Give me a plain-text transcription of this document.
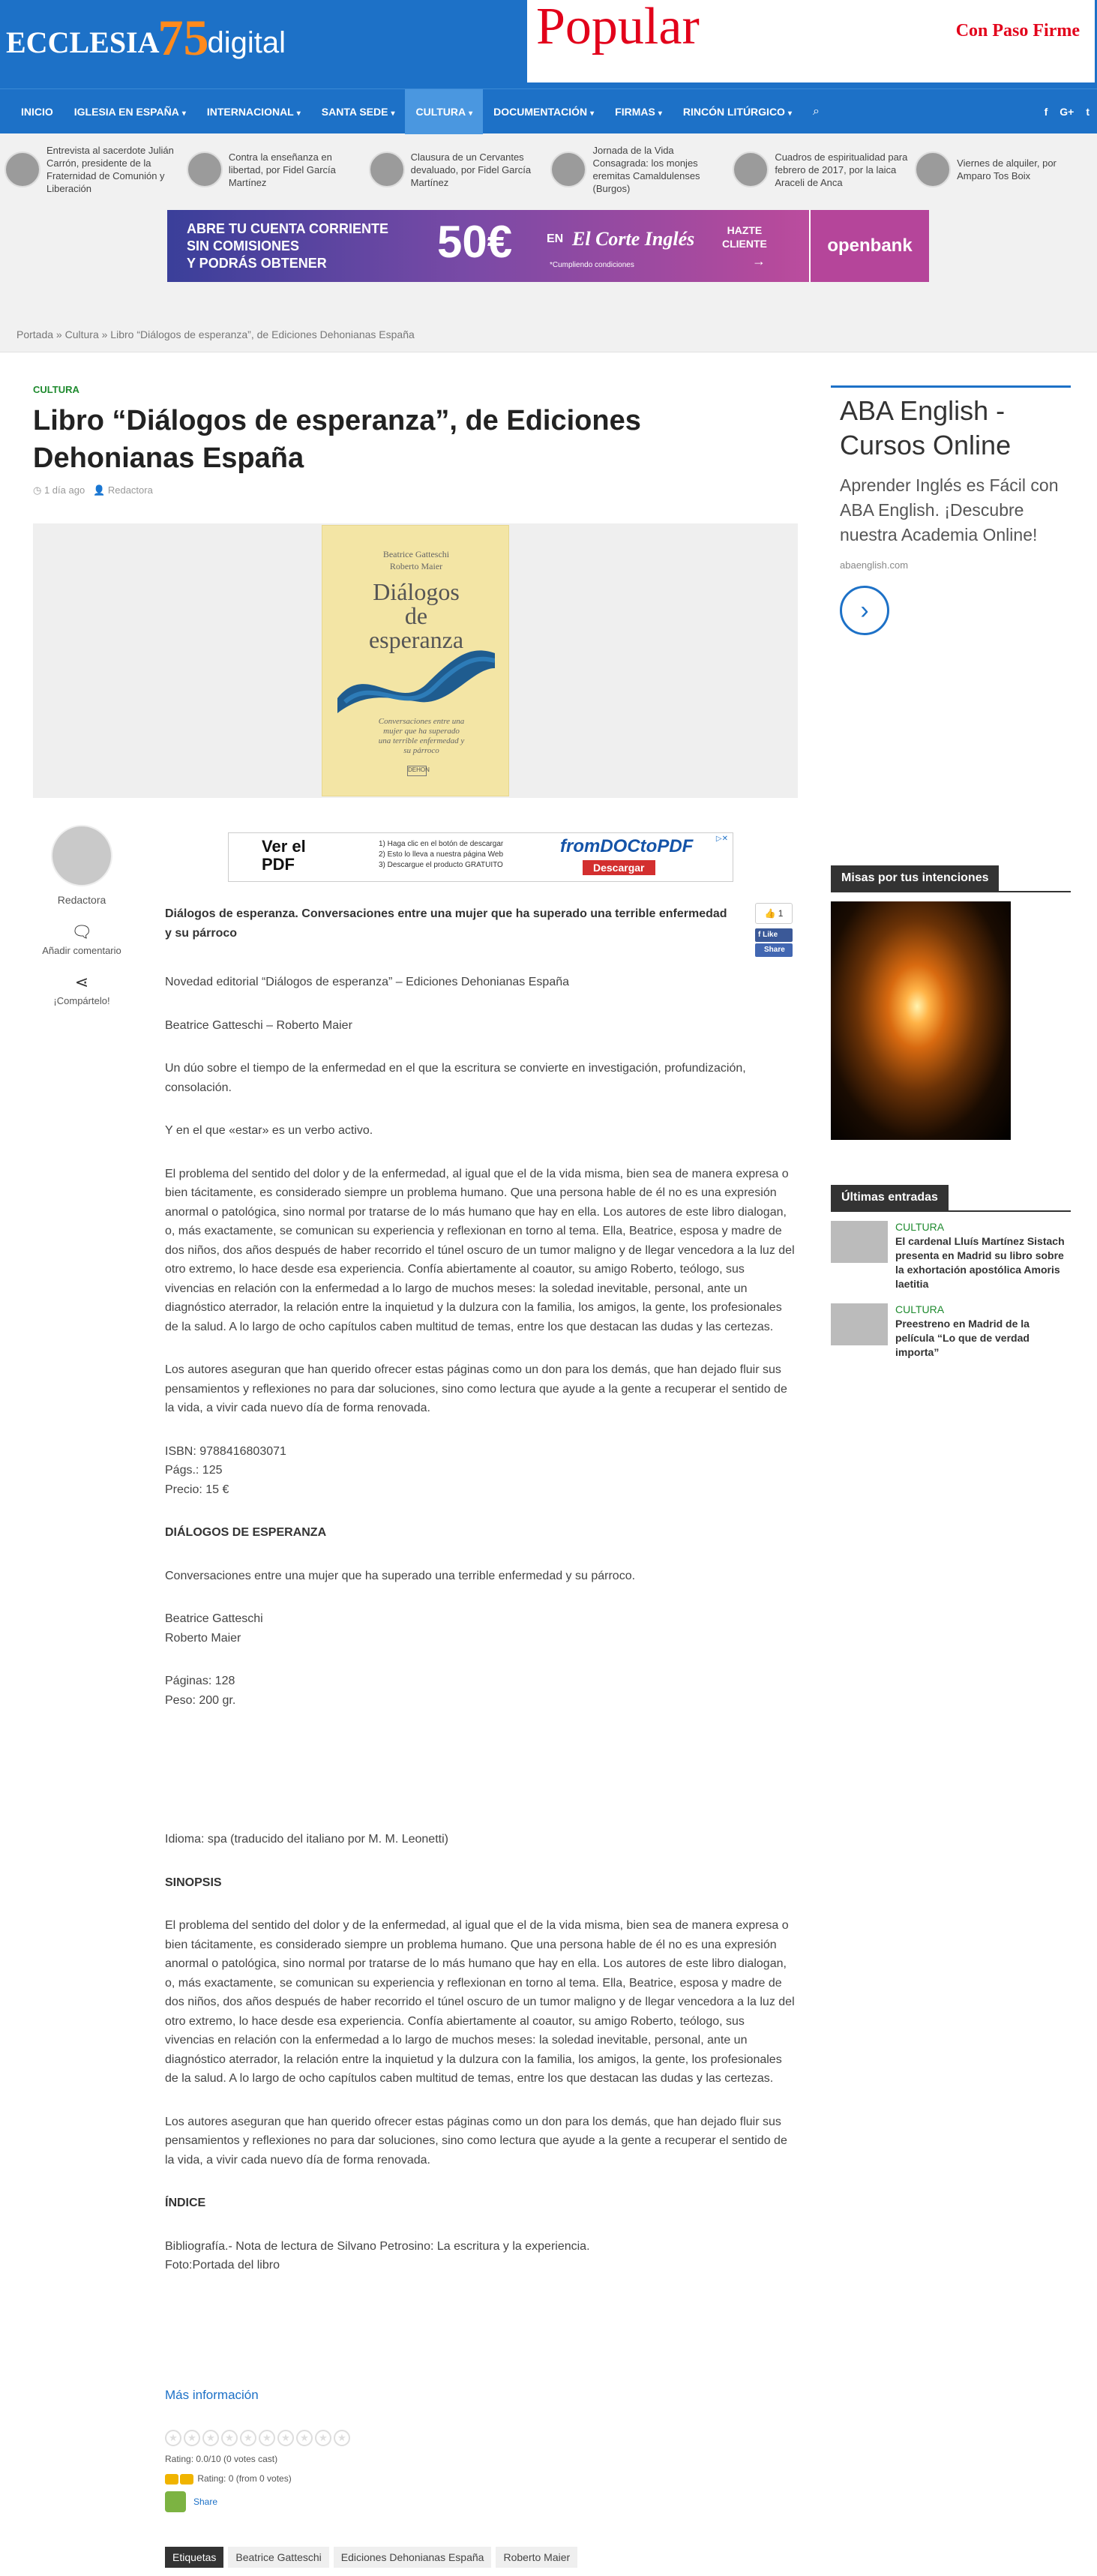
ECCLESIA
75
digital	Popular	Con Paso Firme
INICIO	IGLESIA EN ESPAÑA ▾	INTERNACIONAL ▾	SANTA SEDE ▾	CULTURA ▾	DOCUMENTACIÓN ▾	FIRMAS ▾	RINCÓN LITÚRGICO ▾	⌕	f G+ t
Entrevista al sacerdote Julián Carrón, presidente de la Fraternidad de Comunión y Liberación
Contra la enseñanza en libertad, por Fidel García Martínez
Clausura de un Cervantes devaluado, por Fidel García Martínez
Jornada de la Vida Consagrada: los monjes eremitas Camaldulenses (Burgos)
Cuadros de espiritualidad para febrero de 2017, por la laica Araceli de Anca
Viernes de alquiler, por Amparo Tos Boix
ABRE TU CUENTA CORRIENTE
SIN COMISIONES
Y PODRÁS OBTENER	50€	EN El Corte Inglés
*Cumpliendo condiciones
HAZTE
CLIENTE
→
openbank
Portada » Cultura » Libro “Diálogos de esperanza”, de Ediciones Dehonianas España
CULTURA
Libro “Diálogos de esperanza”, de Ediciones Dehonianas España
◷ 1 día ago 👤 Redactora
Beatrice Gatteschi
Roberto Maier
Diálogos
de
esperanza
Conversaciones entre una mujer que ha superado una terrible enfermedad y su párroco
DEHON
Redactora
🗨
Añadir comentario
⋖
¡Compártelo!
Ver el
PDF
1) Haga clic en el botón de descargar
2) Esto lo lleva a nuestra página Web
3) Descargue el producto GRATUITO
fromDOCtoPDF
Descargar
▷✕
👍 1
f Like
Share

Diálogos de esperanza. Conversaciones entre una mujer que ha superado una terrible enfermedad y su párroco

Novedad editorial “Diálogos de esperanza” – Ediciones Dehonianas España

Beatrice Gatteschi – Roberto Maier

Un dúo sobre el tiempo de la enfermedad en el que la escritura se convierte en investigación, profundización, consolación.

Y en el que «estar» es un verbo activo.

El problema del sentido del dolor y de la enfermedad, al igual que el de la vida misma, bien sea de manera expresa o bien tácitamente, es considerado siempre un problema humano. Que una persona hable de él no es una expresión anormal o patológica, sino normal por tratarse de lo más humano que hay en ella. Los autores de este libro dialogan, o, más exactamente, se comunican su experiencia y reflexionan en torno al tema. Ella, Beatrice, esposa y madre de dos niños, dos años después de haber recorrido el túnel oscuro de un tumor maligno y de llegar vencedora a la luz del otro extremo, lo hace desde esa experiencia. Confía abiertamente al coautor, su amigo Roberto, teólogo, sus vivencias en relación con la enfermedad a lo largo de muchos meses: la soledad inevitable, personal, ante un diagnóstico aterrador, la relación entre la inquietud y la dulzura con la familia, los amigos, la gente, los profesionales de la salud. A lo largo de ocho capítulos caben multitud de temas, entre los que destacan las dudas y las certezas.

Los autores aseguran que han querido ofrecer estas páginas como un don para los demás, que han dejado fluir sus pensamientos y reflexiones no para dar soluciones, sino como lectura que ayude a la gente a recuperar el sentido de la vida, a vivir cada nuevo día de forma renovada.

ISBN: 9788416803071
Págs.: 125
Precio: 15 €

DIÁLOGOS DE ESPERANZA

Conversaciones entre una mujer que ha superado una terrible enfermedad y su párroco.

Beatrice Gatteschi
Roberto Maier

Páginas: 128
Peso: 200 gr.

Idioma: spa (traducido del italiano por M. M. Leonetti)

SINOPSIS

El problema del sentido del dolor y de la enfermedad, al igual que el de la vida misma, bien sea de manera expresa o bien tácitamente, es considerado siempre un problema humano. Que una persona hable de él no es una expresión anormal o patológica, sino normal por tratarse de lo más humano que hay en ella. Los autores de este libro dialogan, o, más exactamente, se comunican su experiencia y reflexionan en torno al tema. Ella, Beatrice, esposa y madre de dos niños, dos años después de haber recorrido el túnel oscuro de un tumor maligno y de llegar vencedora a la luz del otro extremo, lo hace desde esa experiencia. Confía abiertamente al coautor, su amigo Roberto, teólogo, sus vivencias en relación con la enfermedad a lo largo de muchos meses: la soledad inevitable, personal, ante un diagnóstico aterrador, la relación entre la inquietud y la dulzura con la familia, los amigos, la gente, los profesionales de la salud. A lo largo de ocho capítulos caben multitud de temas, entre los que destacan las dudas y las certezas.

Los autores aseguran que han querido ofrecer estas páginas como un don para los demás, que han dejado fluir sus pensamientos y reflexiones no para dar soluciones, sino como lectura que ayude a la gente a recuperar el sentido de la vida, a vivir cada nuevo día de forma renovada.

ÍNDICE

Bibliografía.- Nota de lectura de Silvano Petrosino: La escritura y la experiencia.
Foto:Portada del libro

Más información
★	★	★	★	★	★	★	★	★	★
Rating: 0.0/10 (0 votes cast)
Rating: 0 (from 0 votes)
Share
Etiquetas	Beatrice Gatteschi	Ediciones Dehonianas España	Roberto Maier
ABA English - Cursos Online
Aprender Inglés es Fácil con ABA English. ¡Descubre nuestra Academia Online!
abaenglish.com
›
Misas por tus intenciones
Últimas entradas
CULTURA
El cardenal Lluís Martínez Sistach presenta en Madrid su libro sobre la exhortación apostólica Amoris laetitia
CULTURA
Preestreno en Madrid de la película “Lo que de verdad importa”
